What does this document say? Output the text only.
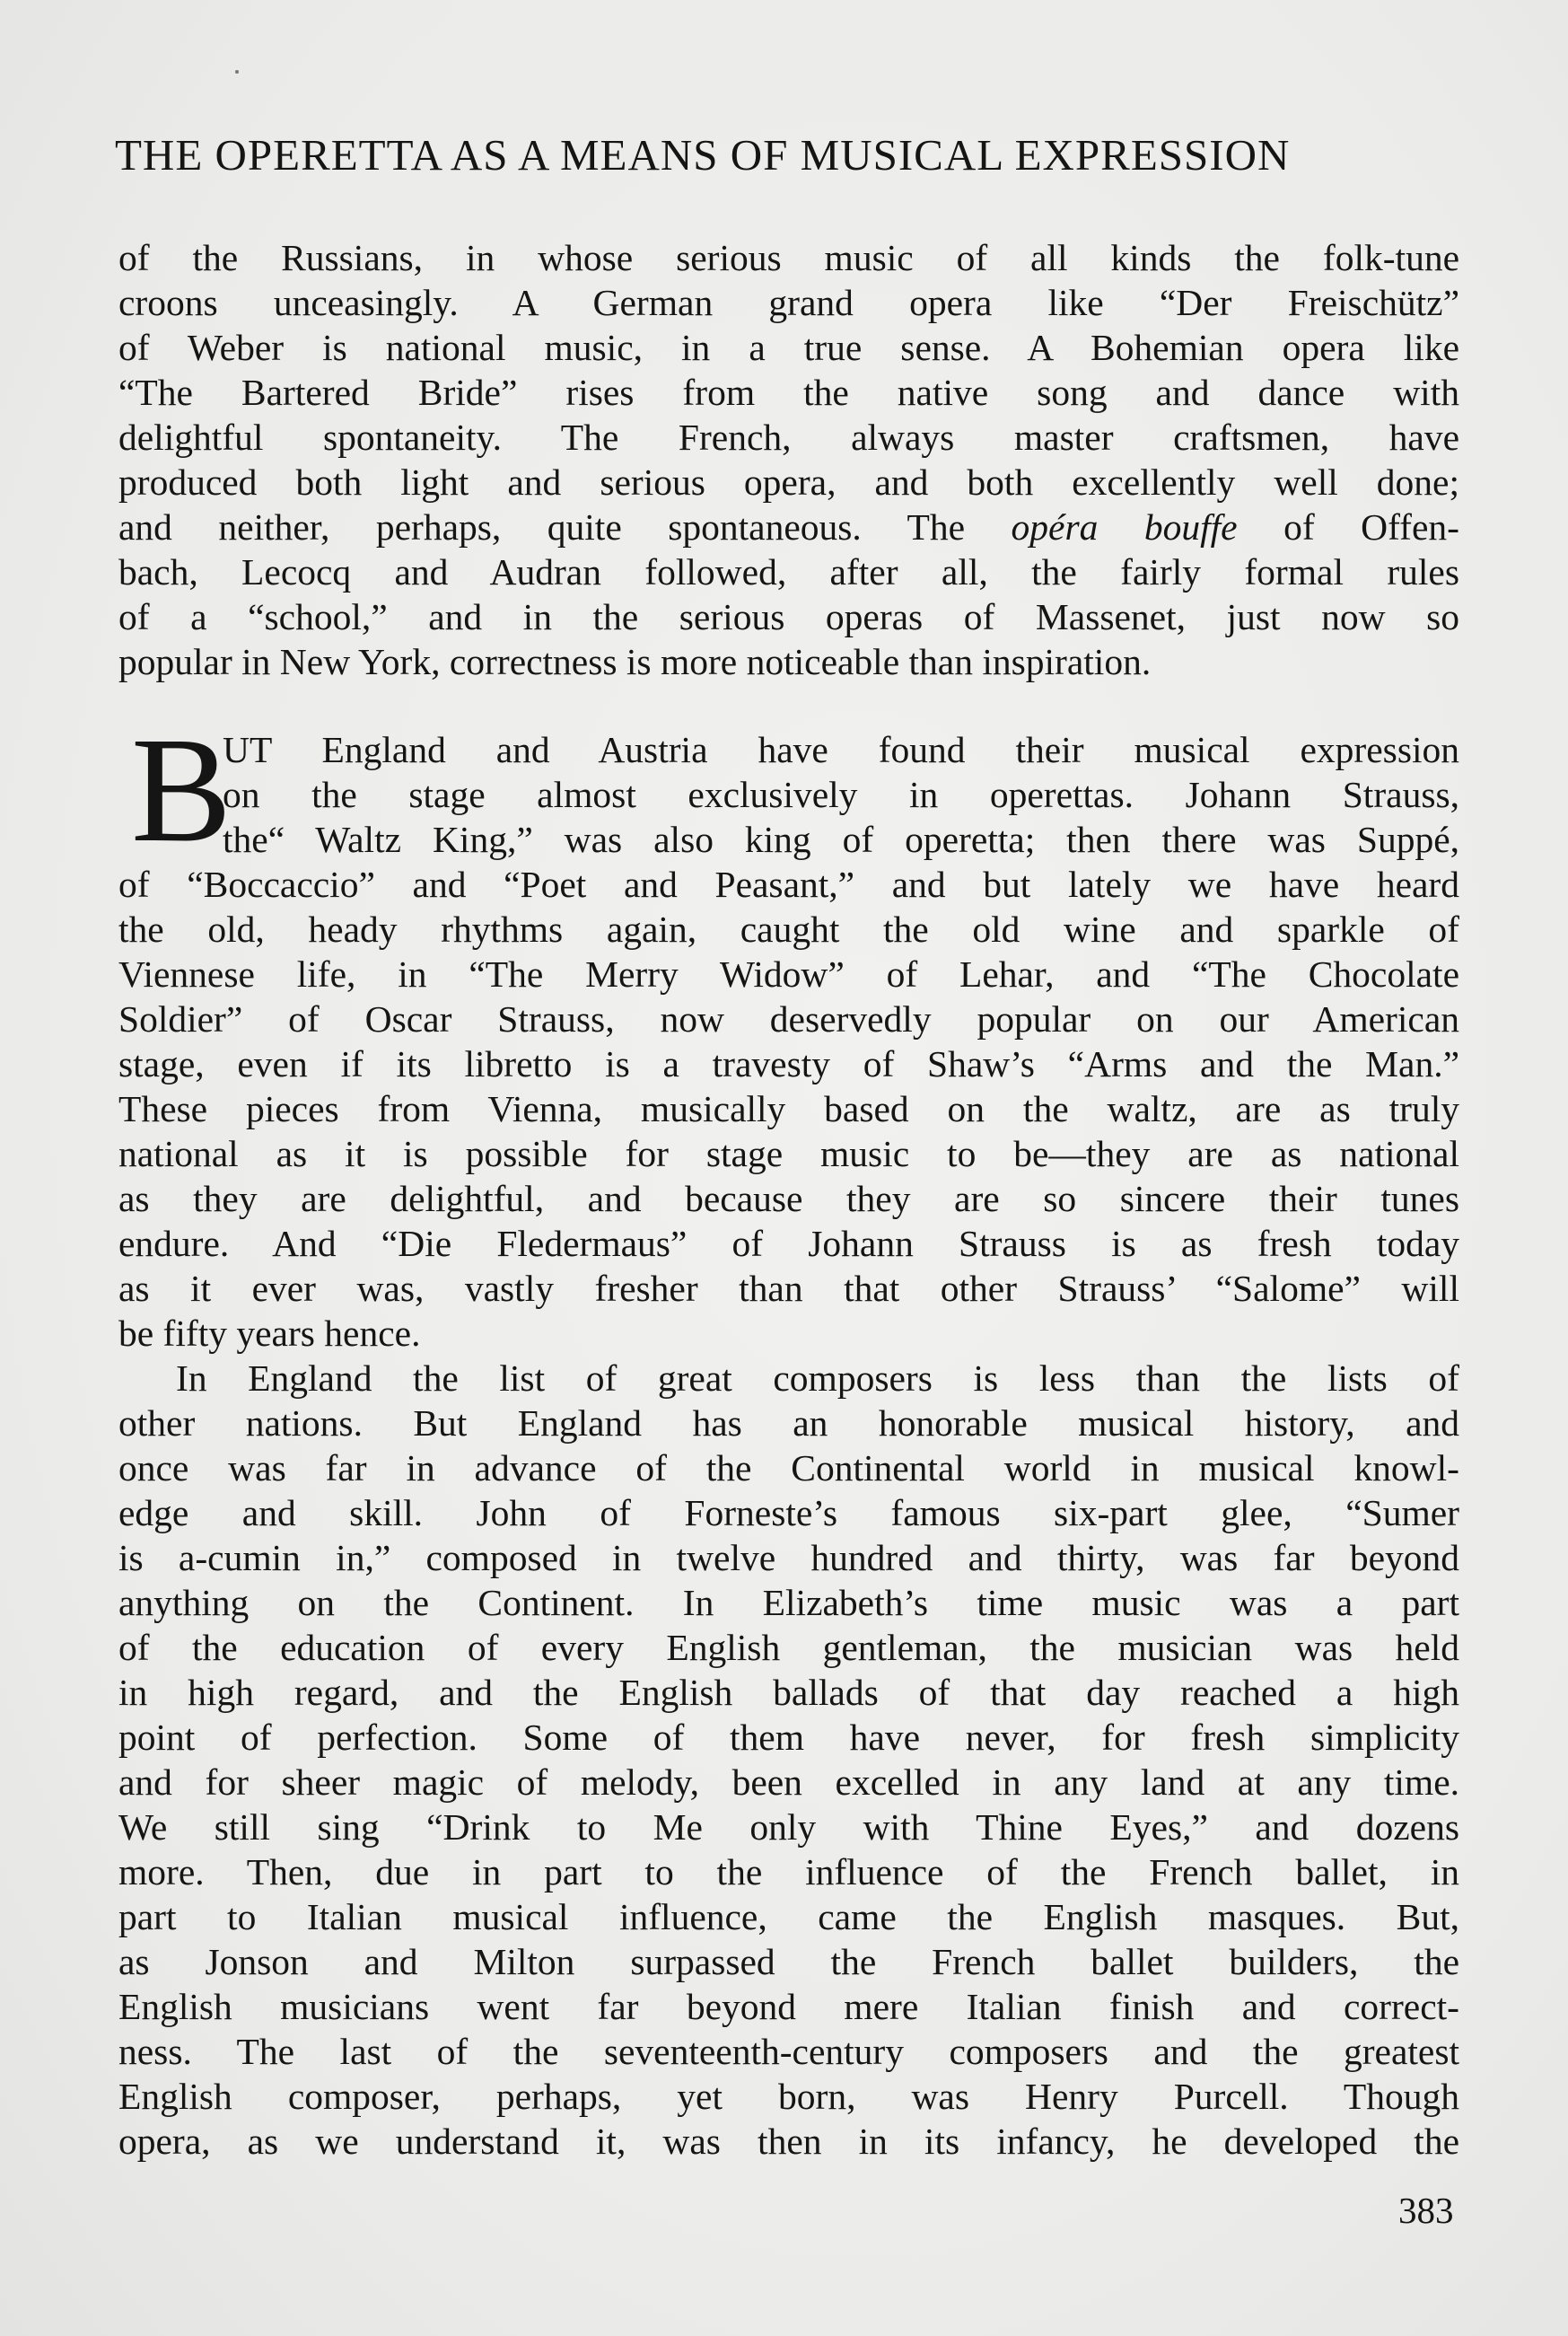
THE OPERETTA AS A MEANS OF MUSICAL EXPRESSION
B
of the Russians, in whose serious music of all kinds the folk-tune
croons unceasingly. A German grand opera like “Der Freischütz”
of Weber is national music, in a true sense. A Bohemian opera like
“The Bartered Bride” rises from the native song and dance with
delightful spontaneity. The French, always master craftsmen, have
produced both light and serious opera, and both excellently well done;
and neither, perhaps, quite spontaneous. The opéra bouffe of Offen-
bach, Lecocq and Audran followed, after all, the fairly formal rules
of a “school,” and in the serious operas of Massenet, just now so
popular in New York, correctness is more noticeable than inspiration.
UT England and Austria have found their musical expression
on the stage almost exclusively in operettas. Johann Strauss,
the“ Waltz King,” was also king of operetta; then there was Suppé,
of “Boccaccio” and “Poet and Peasant,” and but lately we have heard
the old, heady rhythms again, caught the old wine and sparkle of
Viennese life, in “The Merry Widow” of Lehar, and “The Chocolate
Soldier” of Oscar Strauss, now deservedly popular on our American
stage, even if its libretto is a travesty of Shaw’s “Arms and the Man.”
These pieces from Vienna, musically based on the waltz, are as truly
national as it is possible for stage music to be—they are as national
as they are delightful, and because they are so sincere their tunes
endure. And “Die Fledermaus” of Johann Strauss is as fresh today
as it ever was, vastly fresher than that other Strauss’ “Salome” will
be fifty years hence.
In England the list of great composers is less than the lists of
other nations. But England has an honorable musical history, and
once was far in advance of the Continental world in musical knowl-
edge and skill. John of Forneste’s famous six-part glee, “Sumer
is a-cumin in,” composed in twelve hundred and thirty, was far beyond
anything on the Continent. In Elizabeth’s time music was a part
of the education of every English gentleman, the musician was held
in high regard, and the English ballads of that day reached a high
point of perfection. Some of them have never, for fresh simplicity
and for sheer magic of melody, been excelled in any land at any time.
We still sing “Drink to Me only with Thine Eyes,” and dozens
more. Then, due in part to the influence of the French ballet, in
part to Italian musical influence, came the English masques. But,
as Jonson and Milton surpassed the French ballet builders, the
English musicians went far beyond mere Italian finish and correct-
ness. The last of the seventeenth-century composers and the greatest
English composer, perhaps, yet born, was Henry Purcell. Though
opera, as we understand it, was then in its infancy, he developed the
383
